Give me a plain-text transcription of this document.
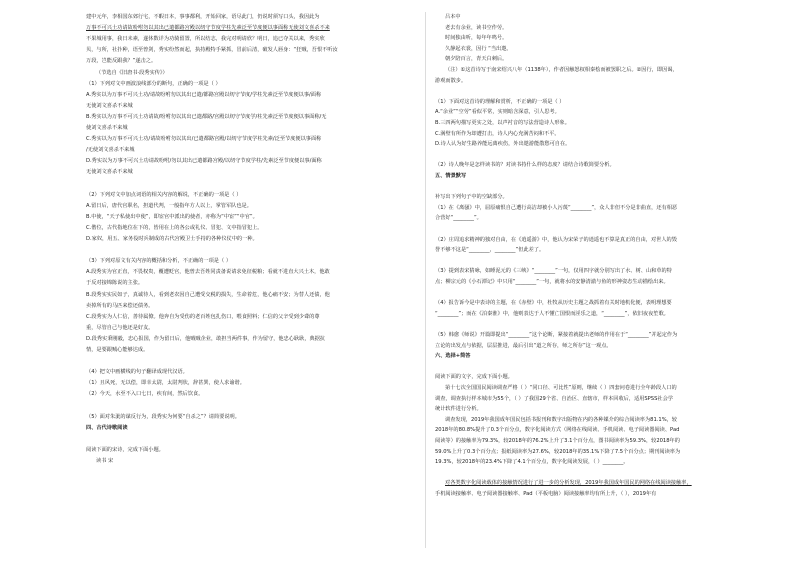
建中元年，李相国东郊行宅，不暇日本，事事都利，开始回家，语尽此门，仍说时须写口头，我因此为
万事不可兴士功请故吩咐勿以其出已遣都路宫殿以纫守节度学柱先素泛至节度便以事面称无使刘文喜杀不来
不果城用事，我日未素，遂休数详为功骑留置，所以结志，我完对明请欣？明日，追已夺关以来，秀实欣
贝，与所，社扑种，语至曾剑，秀实纷然而起，执持殿特手紧抓，冒前后清，破发人唇身：“狂贼，吾恨不听汝
万段，岂能反跟我？”遂击之。
（节选自《旧唐书·段秀实传》）
（1）下列对文中画波浪线部分的断句，正确的一项是（ ）
A.秀实以为万事不可兴土功/请故吩咐勿以其出已遣/都路宫殿以纫守节度/学柱先素泛至节度便以事/面称
无使刘文喜杀不来城
B.秀实以为万事不可兴土功请故/吩咐勿以其出已遣都路/宫殿以纫守节度学/柱先素泛至节度便以事面称/无
使刘文喜杀不来城
C.秀实以为万事不可兴土功/请故吩咐勿以其出/已遣都路宫殿/以纫守节度学柱先素/泛至节度便以事面称
/无使刘文喜杀不来城
D.秀实以为万事不可兴土功请故吩咐/勿以其出已遣都路宫殿/以纫守节度学柱/先素泛至节度便以事/面称
无使刘文喜杀不来城
（2）下列对文中加点词语的相关内容的解说，不正确的一项是（ ）
A.留日后，唐代官职名，担道代判，一般指年方人以上，掌管军队也是。
B.中使，“天子私使出中使”，即宦官中派出的使者，亦称为“中宦”“中官”。
C.偕位，古代指地位在下的，皆用在上的各公或礼仪、冒犯、文中指冒犯上。
D.家奴，用五、家务役时兵制成的古代宫殿卫士手持的各种仪仗中的一种。
（3）下列对原文有关内容的概括和分析，不正确的一项是（ ）
A.段秀实为官正直，不畏权贵，覆遭贬官，他曾去吾姓同责备说请求免征税粮；看就不进直大兴土木，他敢
于反对接锦陈说的主张。
B.段秀实实民如子，真诚待人，看到老农因自己遭受交税的损失，生命着危，他心痛不安；为替人还债，他
卖掉所有的马匹来偿还债务。
C.段秀实为人仁信，善待属僚。他奔自为受伤的老百姓包扎伤口，喂食照料；仁信的父辛受到少聋的尊
重，尽管自己与他还是好友。
D.段秀实秉刚毅，忠心报国，作为留日后，他贼贼企业，敢担当两件事，作为留守，他忠心耿耿，典据抗
情，是要跟贼心能够达成。
（4）把文中画横线的句子翻译成现代汉语。
（1）且风死，无以偿，即幸太尉，太尉判状，辞甚巽，使人求谕谐。
（2）今天，水至不入口七日，疾有间，然后饮食。
（5）面对朱泚的谋反行为，段秀实为何要“自杀之”？请简要说明。
四、古代诗歌阅读
阅读下面的宋诗，完成下面小题。
读书 宋
吕本中
老去有余业，读书空作劳。
时间独由听，每年年鸣号。
久静起衣裳，因行 “当出遨。
朝夕陪百言，青天白刺后。
（注）①这首诗写于南宋绍兴八年（1138年），作者因触怒权相秦桧而被罢职之后。②因行，即因谒，
游观而散步。
（1）下面对这首诗的理解和赏析，不正确的一项是（ ）
A.“余业”“空劳”看似平常，实则暗含深意，引人思考。
B.三四两句描写更实之处，以声衬音的写法营造诗人形象。
C.满壁有所作为却遭打击，诗人内心充满苦闷和不平。
D.诗人认为好生路养能远离疾伤，外出遨游能散愁可自在。
（2）诗人晚年是怎样读书的？对读书持什么样的态度？请结合诗歌简要分析。
五、情景默写
补写出下列句子中的空缺部分。
（1）在《离骚》中，屈原痛恨自己遭行高洁却被小人污蔑“________”，众人非但不分是非曲直，还有相恶
合营好“________”。
（2）庄周追求精神的独对自由，在《逍遥游》中，他认为宋荣子的逍遥也不算是真正的自由，对世人的毁
誉不够不这是“________，________”但此差了。
（3）提到表宋猜咏，如睡泥元的《三峡》“________”一句，仅用四字就分别写出了水、树、山和草的特
点；柳宗元的《小石潭记》中只用“________”一句，就将水的安静清澈与鱼的形神姿态生动描绘出来。
（4）报告诉今是中表诗的主题，在《赤壁》中，杜牧从历史主题之战抓着有关时地机化便，表明理想要
“________”；而在《泊秦淮》中，他则表达于人不懂亡国恨而淫乐之道，“________”，依旧夜夜笙歌。
（5）韩愈《师说》开篇即提出“________”这个论断，紧接着就提出老师的作用在于“________”并起定作为
立论的出发点与依据，层层推进，最后引出“道之所存，师之所存”这一观点。
六、选择+简答
阅读下面的文字，完成下面小题。
第十七次全国国民阅读调查严格（ ）“同口径、可比性”原则，继续（ ）四套问卷进行全年龄段人口的
调查，调查执行样本城市为55个，（ ）了我国29个省、自治区、直辖市，样本回收后，适用SPSS社会学
统计软件进行分析。
调查发现，2019年我国成年国民包括书报刊和数字出版物在内的各种媒介的综合阅读率为81.1%，较
2018年的80.8%提升了0.3个百分点，数字化阅读方式（网络在线阅读、手机阅读、电子阅读器阅读、Pad
阅读等）的接触率为79.3%，较2018年的76.2%上升了3.1个百分点，图书阅读率为59.3%，较2018年的
59.0%上升了0.3个百分点；报纸阅读率为27.6%，较2018年的35.1%下降了7.5个百分点；期刊阅读率为
19.3%，较2018年的23.4%下降了4.1个百分点，数字化阅读发展，（ ）________。
对各类数字化阅读载体的接触情况进行了进一步的分析发现，2019年我国成年国民的网络在线阅读接触率，
手机阅读接触率、电子阅读器接触率、Pad（平板电脑）阅读接触率均有所上升，（ ），2019年有
